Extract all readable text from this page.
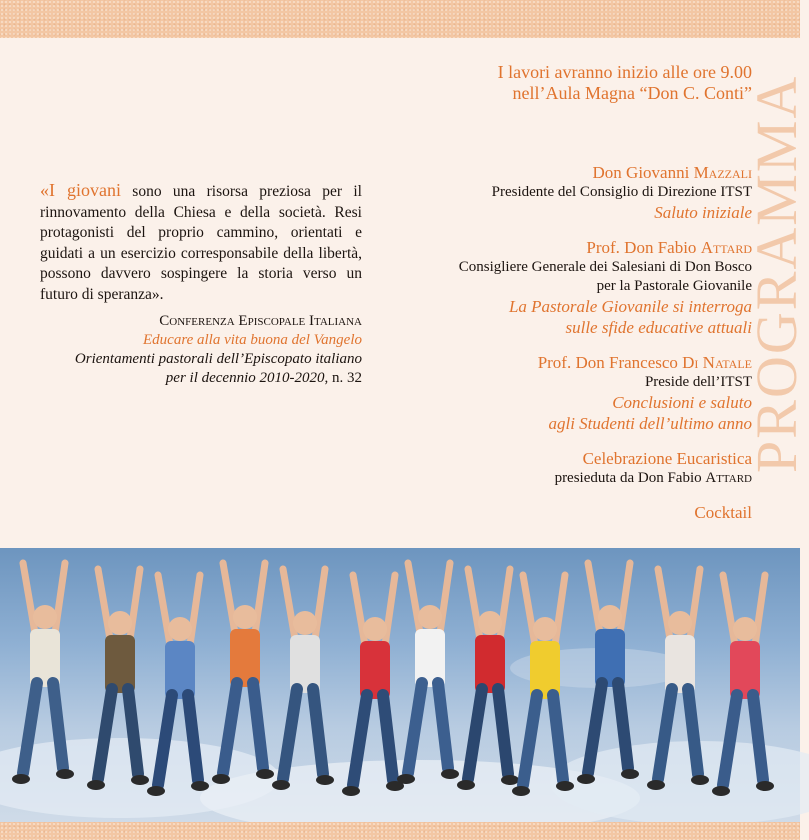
I lavori avranno inizio alle ore 9.00
nell’Aula Magna “Don C. Conti”
Don Giovanni Mazzali
Presidente del Consiglio di Direzione ITST
Saluto iniziale
Prof. Don Fabio Attard
Consigliere Generale dei Salesiani di Don Bosco
per la Pastorale Giovanile
La Pastorale Giovanile si interroga
sulle sfide educative attuali
Prof. Don Francesco Di Natale
Preside dell’ITST
Conclusioni e saluto
agli Studenti dell’ultimo anno
Celebrazione Eucaristica
presieduta da Don Fabio Attard
Cocktail
PROGRAMMA
«I giovani sono una risorsa preziosa per il rinnovamento della Chiesa e della società. Resi protagonisti del proprio cammino, orientati e guidati a un esercizio corresponsabile della libertà, possono davvero sospingere la storia verso un futuro di speranza».
Conferenza Episcopale Italiana
Educare alla vita buona del Vangelo
Orientamenti pastorali dell’Episcopato italiano
per il decennio 2010-2020, n. 32
